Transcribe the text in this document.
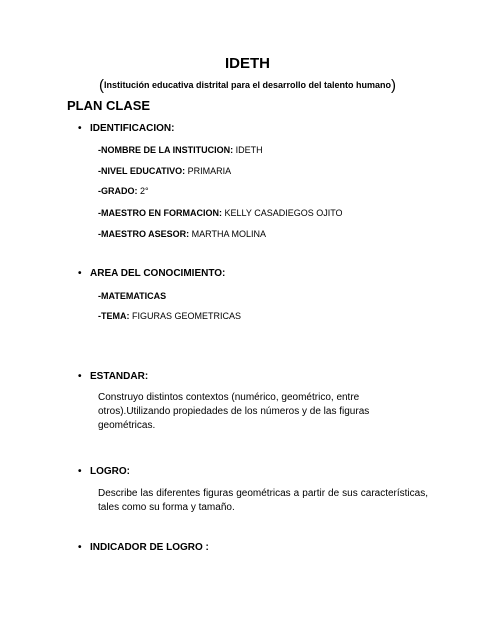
IDETH
(Institución educativa distrital para el desarrollo del talento humano)
PLAN CLASE
• IDENTIFICACION:
-NOMBRE DE LA INSTITUCION: IDETH
-NIVEL EDUCATIVO: PRIMARIA
-GRADO: 2°
-MAESTRO EN FORMACION: KELLY CASADIEGOS OJITO
-MAESTRO ASESOR: MARTHA MOLINA
• AREA DEL CONOCIMIENTO:
-MATEMATICAS
-TEMA: FIGURAS GEOMETRICAS
• ESTANDAR:
Construyo distintos contextos (numérico, geométrico, entre otros).Utilizando propiedades de los números y de las figuras geométricas.
• LOGRO:
Describe las diferentes figuras geométricas a partir de sus características, tales como su forma y tamaño.
• INDICADOR DE LOGRO :
